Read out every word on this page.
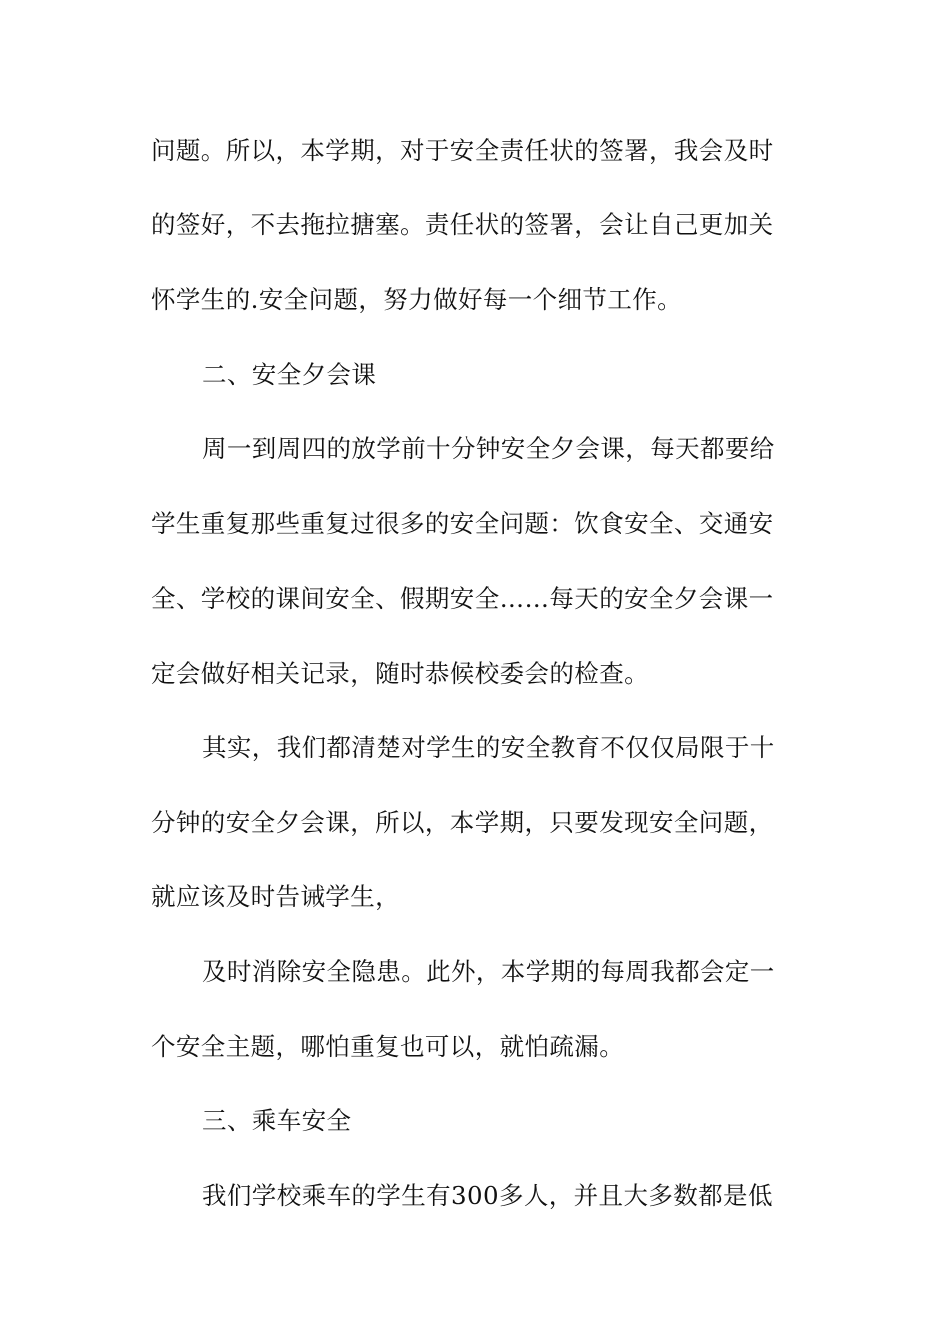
问题。所以，本学期，对于安全责任状的签署，我会及时
的签好，不去拖拉搪塞。责任状的签署，会让自己更加关
怀学生的.安全问题，努力做好每一个细节工作。
二、安全夕会课
周一到周四的放学前十分钟安全夕会课，每天都要给
学生重复那些重复过很多的安全问题：饮食安全、交通安
全、学校的课间安全、假期安全……每天的安全夕会课一
定会做好相关记录，随时恭候校委会的检查。
其实，我们都清楚对学生的安全教育不仅仅局限于十
分钟的安全夕会课，所以，本学期，只要发现安全问题，
就应该及时告诫学生，
及时消除安全隐患。此外，本学期的每周我都会定一
个安全主题，哪怕重复也可以，就怕疏漏。
三、乘车安全
我们学校乘车的学生有300多人，并且大多数都是低
